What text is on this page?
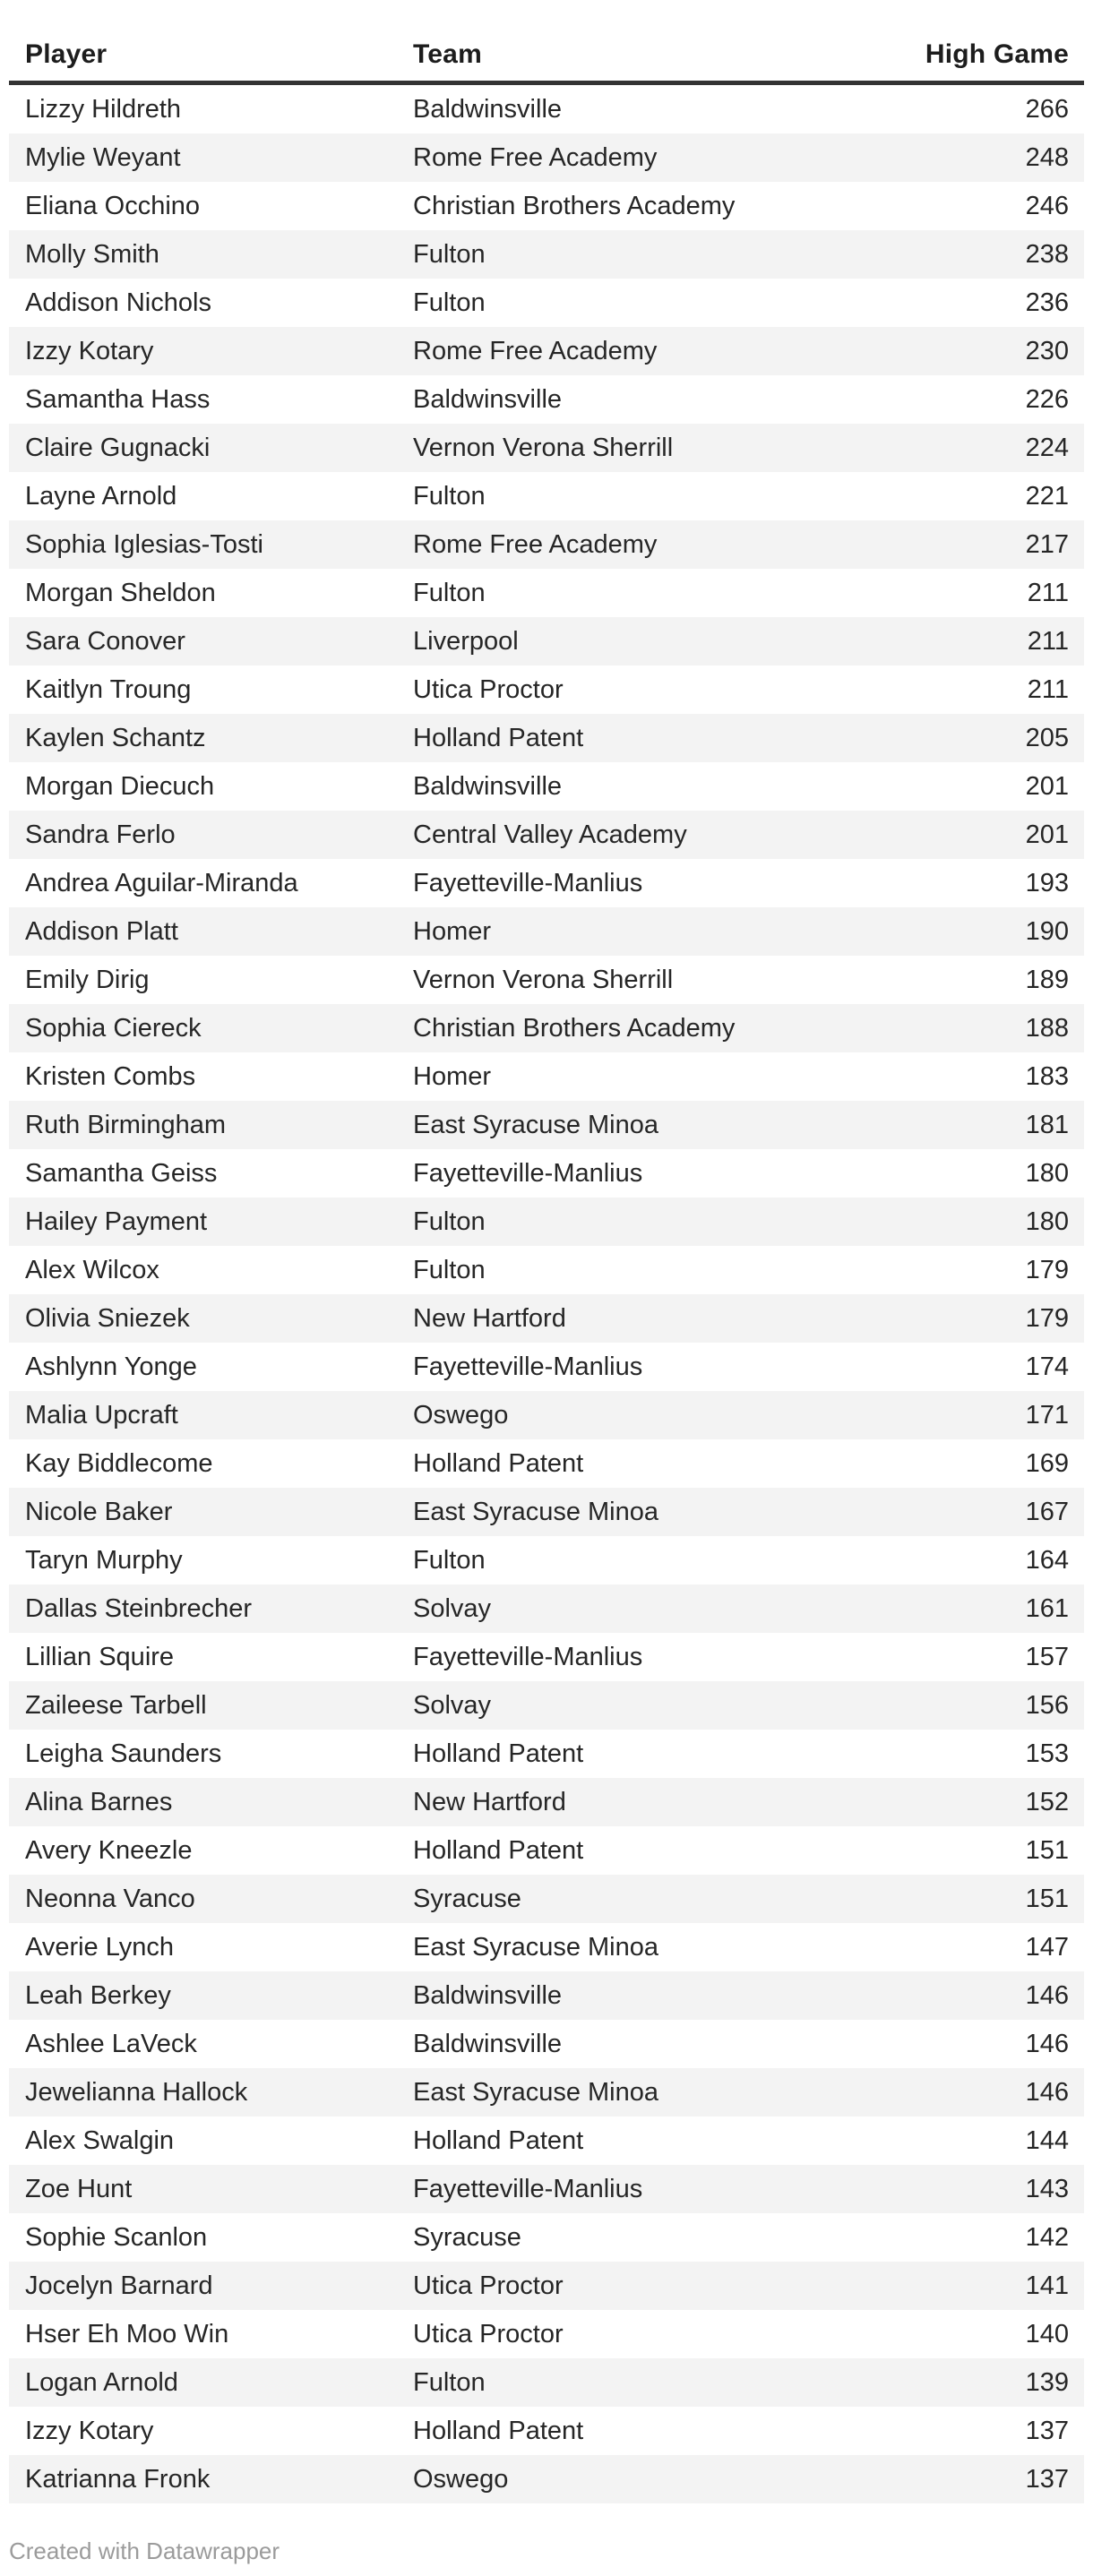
Player	Team	High Game
Lizzy Hildreth	Baldwinsville	266
Mylie Weyant	Rome Free Academy	248
Eliana Occhino	Christian Brothers Academy	246
Molly Smith	Fulton	238
Addison Nichols	Fulton	236
Izzy Kotary	Rome Free Academy	230
Samantha Hass	Baldwinsville	226
Claire Gugnacki	Vernon Verona Sherrill	224
Layne Arnold	Fulton	221
Sophia Iglesias-Tosti	Rome Free Academy	217
Morgan Sheldon	Fulton	211
Sara Conover	Liverpool	211
Kaitlyn Troung	Utica Proctor	211
Kaylen Schantz	Holland Patent	205
Morgan Diecuch	Baldwinsville	201
Sandra Ferlo	Central Valley Academy	201
Andrea Aguilar-Miranda	Fayetteville-Manlius	193
Addison Platt	Homer	190
Emily Dirig	Vernon Verona Sherrill	189
Sophia Ciereck	Christian Brothers Academy	188
Kristen Combs	Homer	183
Ruth Birmingham	East Syracuse Minoa	181
Samantha Geiss	Fayetteville-Manlius	180
Hailey Payment	Fulton	180
Alex Wilcox	Fulton	179
Olivia Sniezek	New Hartford	179
Ashlynn Yonge	Fayetteville-Manlius	174
Malia Upcraft	Oswego	171
Kay Biddlecome	Holland Patent	169
Nicole Baker	East Syracuse Minoa	167
Taryn Murphy	Fulton	164
Dallas Steinbrecher	Solvay	161
Lillian Squire	Fayetteville-Manlius	157
Zaileese Tarbell	Solvay	156
Leigha Saunders	Holland Patent	153
Alina Barnes	New Hartford	152
Avery Kneezle	Holland Patent	151
Neonna Vanco	Syracuse	151
Averie Lynch	East Syracuse Minoa	147
Leah Berkey	Baldwinsville	146
Ashlee LaVeck	Baldwinsville	146
Jewelianna Hallock	East Syracuse Minoa	146
Alex Swalgin	Holland Patent	144
Zoe Hunt	Fayetteville-Manlius	143
Sophie Scanlon	Syracuse	142
Jocelyn Barnard	Utica Proctor	141
Hser Eh Moo Win	Utica Proctor	140
Logan Arnold	Fulton	139
Izzy Kotary	Holland Patent	137
Katrianna Fronk	Oswego	137
Created with Datawrapper
